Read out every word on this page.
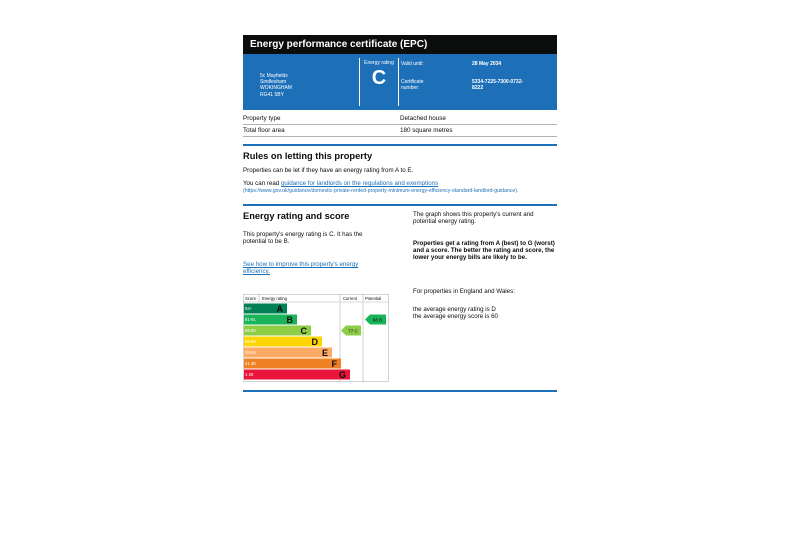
Energy performance certificate (EPC)
5c Mayfields
Sindlesham
WOKINGHAM
RG41 5BY
Energy rating
C
Valid until:	28 May 2034
Certificate number:
5334-7225-7300-0732-8222
Property type	Detached house
Total floor area	180 square metres
Rules on letting this property

Properties can be let if they have an energy rating from A to E.

You can read guidance for landlords on the regulations and exemptions

(https://www.gov.uk/guidance/domestic-private-rented-property-minimum-energy-efficiency-standard-landlord-guidance).
Energy rating and score

This property's energy rating is C. It has the potential to be B.

See how to improve this property's energy efficiency.

The graph shows this property's current and potential energy rating.

Properties get a rating from A (best) to G (worst) and a score. The better the rating and score, the lower your energy bills are likely to be.

For properties in England and Wales:

the average energy rating is D

the average energy score is 60

Score Energy rating	Current Potential
92+	A
81-91	B
69-80	C
55-68	D
39-54	E
21-38	F
1-20	G
77 C
88 B
